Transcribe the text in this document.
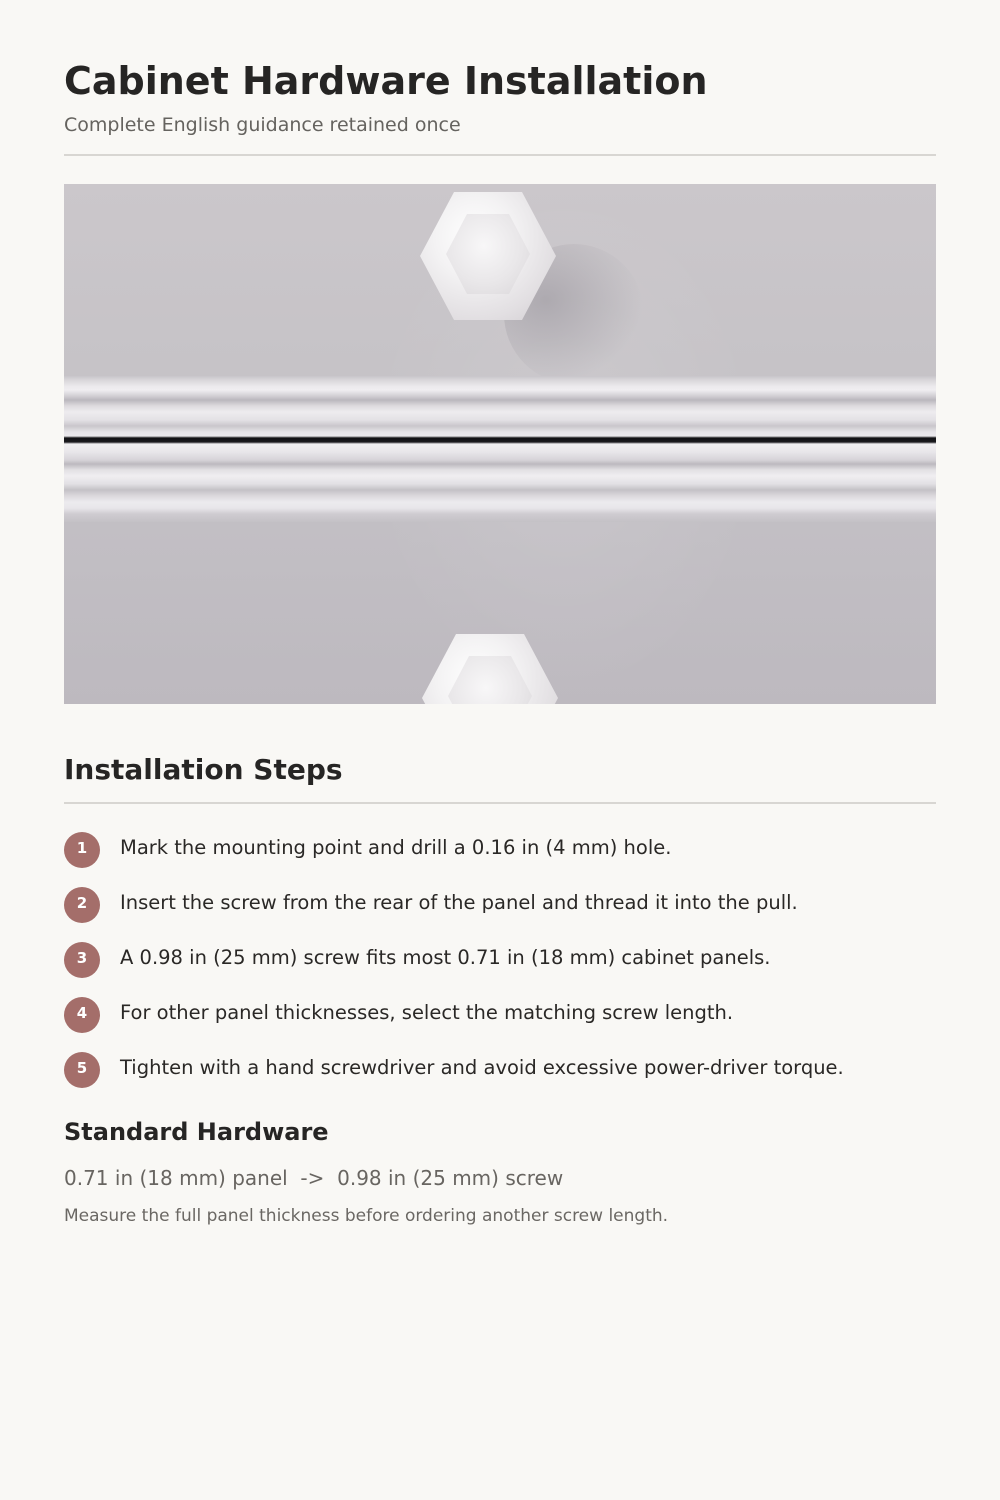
Cabinet Hardware Installation
Complete English guidance retained once
Installation Steps
1	Mark the mounting point and drill a 0.16 in (4 mm) hole.
2	Insert the screw from the rear of the panel and thread it into the pull.
3	A 0.98 in (25 mm) screw fits most 0.71 in (18 mm) cabinet panels.
4	For other panel thicknesses, select the matching screw length.
5	Tighten with a hand screwdriver and avoid excessive power-driver torque.
Standard Hardware
0.71 in (18 mm) panel  ->  0.98 in (25 mm) screw
Measure the full panel thickness before ordering another screw length.
